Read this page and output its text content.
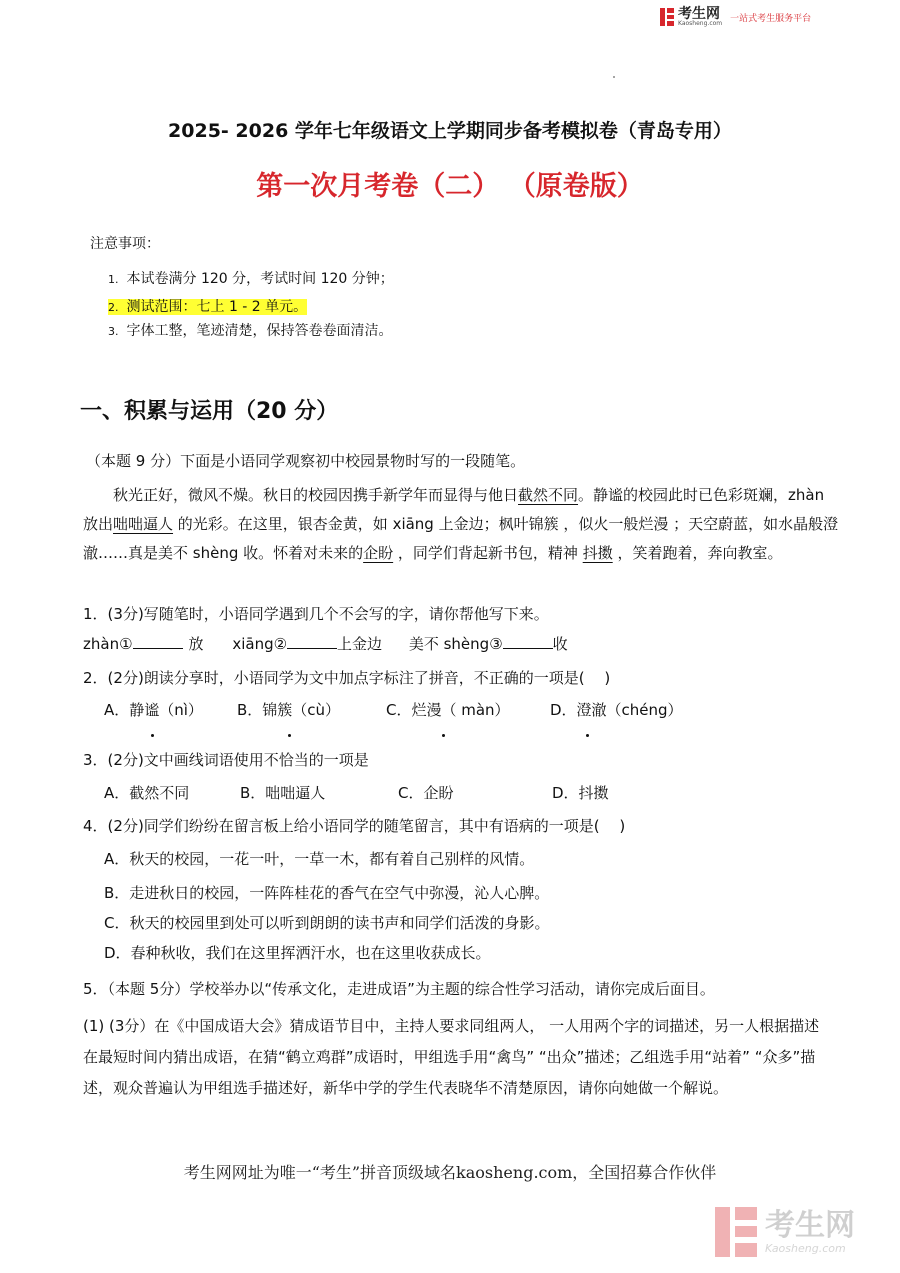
考生网
Kaosheng.com 一站式考生服务平台
2025- 2026 学年七年级语文上学期同步备考模拟卷（青岛专用）
第一次月考卷（二） （原卷版）
注意事项：
1. 本试卷满分 120 分，考试时间 120 分钟；
2. 测试范围：七上 1 - 2 单元。
3. 字体工整，笔迹清楚，保持答卷卷面清洁。
一、积累与运用（20 分）
（本题 9 分）下面是小语同学观察初中校园景物时写的一段随笔。
秋光正好，微风不燥。秋日的校园因携手新学年而显得与他日截然不同。静谧的校园此时已色彩斑斓，zhàn 放出咄咄逼人 的光彩。在这里，银杏金黄，如 xiāng 上金边；枫叶锦簇 ，似火一般烂漫 ；天空蔚蓝，如水晶般澄澈……真是美不 shèng 收。怀着对未来的企盼 ，同学们背起新书包，精神 抖擞 ，笑着跑着，奔向教室。
1．(3分)写随笔时，小语同学遇到几个不会写的字，请你帮他写下来。
zhàn①	放 xiāng②	上金边 美不 shèng③	收
2．(2分)朗读分享时，小语同学为文中加点字标注了拼音，不正确的一项是(　 )
A．静谧（nì） B．锦簇（cù）	C．烂漫（ màn）	D．澄澈（chéng）
3．(2分)文中画线词语使用不恰当的一项是
A．截然不同	B．咄咄逼人	C．企盼	D．抖擞
4．(2分)同学们纷纷在留言板上给小语同学的随笔留言，其中有语病的一项是(　 )
A．秋天的校园，一花一叶，一草一木，都有着自己别样的风情。
B．走进秋日的校园，一阵阵桂花的香气在空气中弥漫，沁人心脾。
C．秋天的校园里到处可以听到朗朗的读书声和同学们活泼的身影。
D．春种秋收，我们在这里挥洒汗水，也在这里收获成长。
5．（本题 5分）学校举办以“传承文化，走进成语”为主题的综合性学习活动，请你完成后面目。
(1) (3分）在《中国成语大会》猜成语节目中，主持人要求同组两人， 一人用两个字的词描述，另一人根据描述在最短时间内猜出成语，在猜“鹤立鸡群”成语时，甲组选手用“禽鸟” “出众”描述；乙组选手用“站着” “众多”描述，观众普遍认为甲组选手描述好，新华中学的学生代表晓华不清楚原因，请你向她做一个解说。
考生网网址为唯一“考生”拼音顶级域名kaosheng.com，全国招募合作伙伴
考生网
Kaosheng.com
